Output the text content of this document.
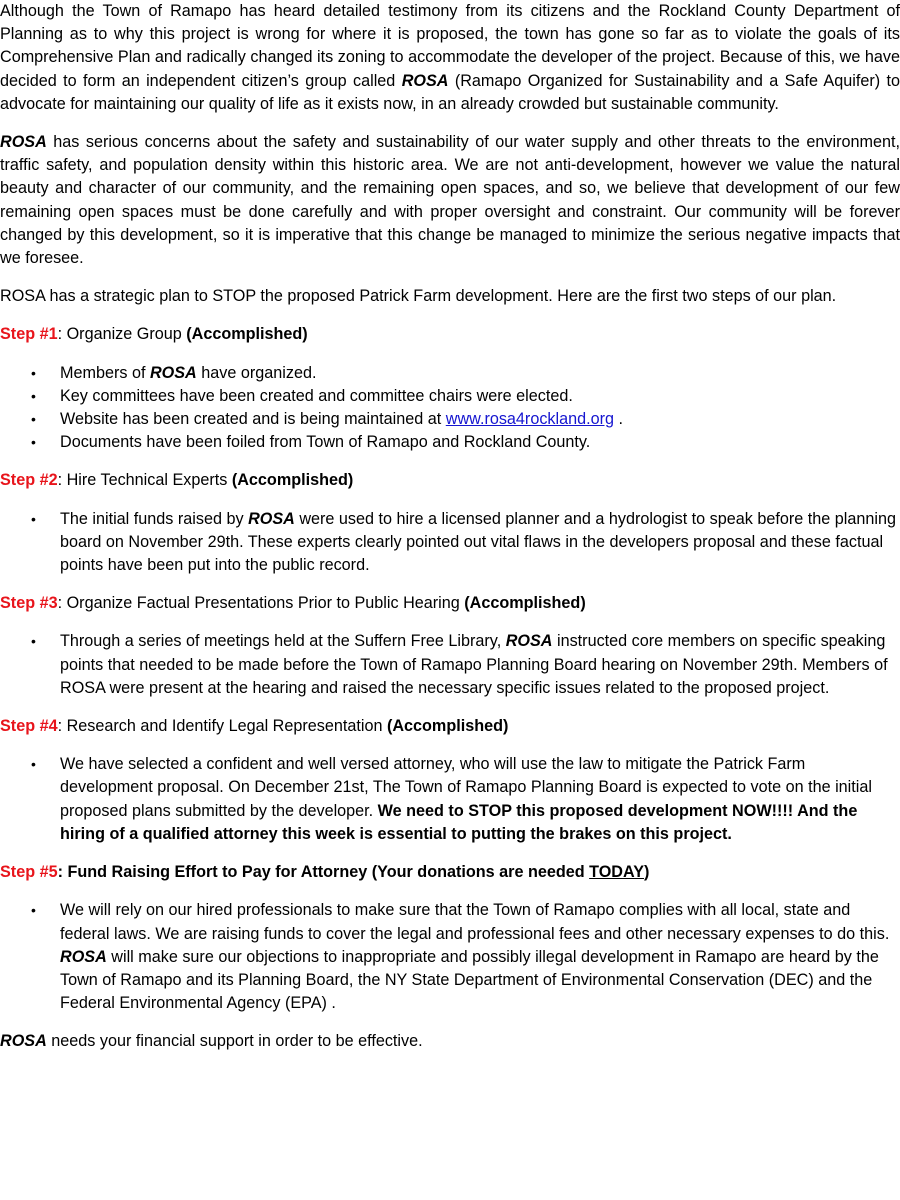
Although the Town of Ramapo has heard detailed testimony from its citizens and the Rockland County Department of Planning as to why this project is wrong for where it is proposed, the town has gone so far as to violate the goals of its Comprehensive Plan and radically changed its zoning to accommodate the developer of the project. Because of this, we have decided to form an independent citizen’s group called ROSA (Ramapo Organized for Sustainability and a Safe Aquifer) to advocate for maintaining our quality of life as it exists now, in an already crowded but sustainable community.

ROSA has serious concerns about the safety and sustainability of our water supply and other threats to the environment, traffic safety, and population density within this historic area. We are not anti-development, however we value the natural beauty and character of our community, and the remaining open spaces, and so, we believe that development of our few remaining open spaces must be done carefully and with proper oversight and constraint. Our community will be forever changed by this development, so it is imperative that this change be managed to minimize the serious negative impacts that we foresee.

ROSA has a strategic plan to STOP the proposed Patrick Farm development. Here are the first two steps of our plan.

Step #1: Organize Group (Accomplished)

• Members of ROSA have organized.
• Key committees have been created and committee chairs were elected.
• Website has been created and is being maintained at www.rosa4rockland.org .
• Documents have been foiled from Town of Ramapo and Rockland County.

Step #2: Hire Technical Experts (Accomplished)

• The initial funds raised by ROSA were used to hire a licensed planner and a hydrologist to speak before the planning board on November 29th. These experts clearly pointed out vital flaws in the developers proposal and these factual points have been put into the public record.

Step #3: Organize Factual Presentations Prior to Public Hearing (Accomplished)

• Through a series of meetings held at the Suffern Free Library, ROSA instructed core members on specific speaking points that needed to be made before the Town of Ramapo Planning Board hearing on November 29th. Members of ROSA were present at the hearing and raised the necessary specific issues related to the proposed project.

Step #4: Research and Identify Legal Representation (Accomplished)

• We have selected a confident and well versed attorney, who will use the law to mitigate the Patrick Farm development proposal. On December 21st, The Town of Ramapo Planning Board is expected to vote on the initial proposed plans submitted by the developer. We need to STOP this proposed development NOW!!!! And the hiring of a qualified attorney this week is essential to putting the brakes on this project.

Step #5: Fund Raising Effort to Pay for Attorney (Your donations are needed TODAY)

• We will rely on our hired professionals to make sure that the Town of Ramapo complies with all local, state and federal laws. We are raising funds to cover the legal and professional fees and other necessary expenses to do this. ROSA will make sure our objections to inappropriate and possibly illegal development in Ramapo are heard by the Town of Ramapo and its Planning Board, the NY State Department of Environmental Conservation (DEC) and the Federal Environmental Agency (EPA) .

ROSA needs your financial support in order to be effective.
